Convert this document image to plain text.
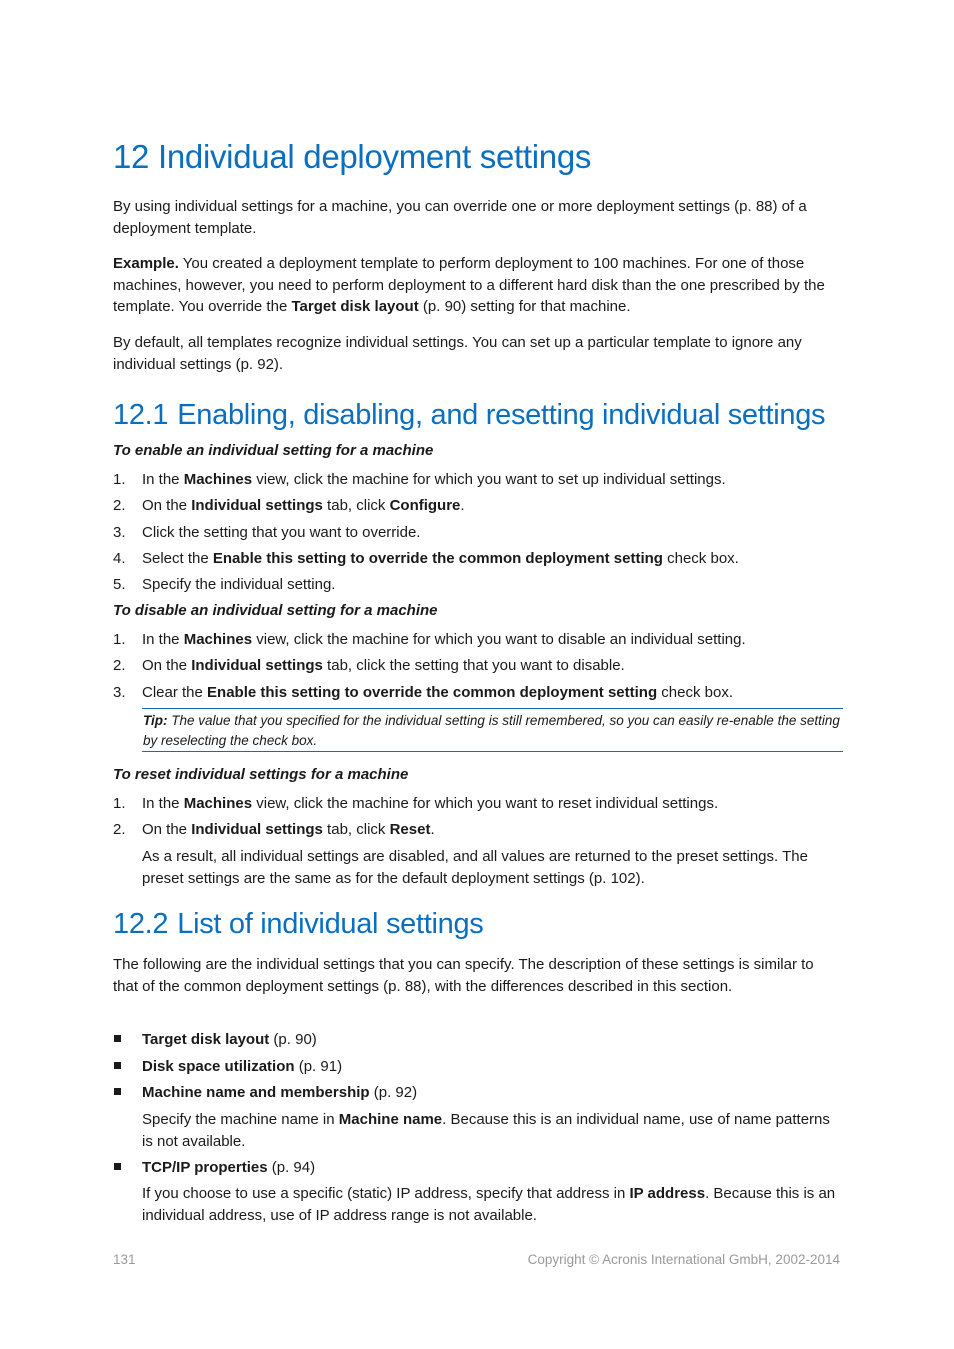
12 Individual deployment settings

By using individual settings for a machine, you can override one or more deployment settings (p. 88) of a deployment template.

Example. You created a deployment template to perform deployment to 100 machines. For one of those machines, however, you need to perform deployment to a different hard disk than the one prescribed by the template. You override the Target disk layout (p. 90) setting for that machine.

By default, all templates recognize individual settings. You can set up a particular template to ignore any individual settings (p. 92).

12.1 Enabling, disabling, and resetting individual settings

To enable an individual setting for a machine

1. In the Machines view, click the machine for which you want to set up individual settings.
2. On the Individual settings tab, click Configure.
3. Click the setting that you want to override.
4. Select the Enable this setting to override the common deployment setting check box.
5. Specify the individual setting.

To disable an individual setting for a machine

1. In the Machines view, click the machine for which you want to disable an individual setting.
2. On the Individual settings tab, click the setting that you want to disable.
3. Clear the Enable this setting to override the common deployment setting check box.
Tip: The value that you specified for the individual setting is still remembered, so you can easily re-enable the setting by reselecting the check box.

To reset individual settings for a machine

1. In the Machines view, click the machine for which you want to reset individual settings.
2. On the Individual settings tab, click Reset.

As a result, all individual settings are disabled, and all values are returned to the preset settings. The preset settings are the same as for the default deployment settings (p. 102).

12.2 List of individual settings

The following are the individual settings that you can specify. The description of these settings is similar to that of the common deployment settings (p. 88), with the differences described in this section.

Target disk layout (p. 90)
Disk space utilization (p. 91)
Machine name and membership (p. 92)

Specify the machine name in Machine name. Because this is an individual name, use of name patterns is not available.

TCP/IP properties (p. 94)

If you choose to use a specific (static) IP address, specify that address in IP address. Because this is an individual address, use of IP address range is not available.

131	Copyright © Acronis International GmbH, 2002-2014
